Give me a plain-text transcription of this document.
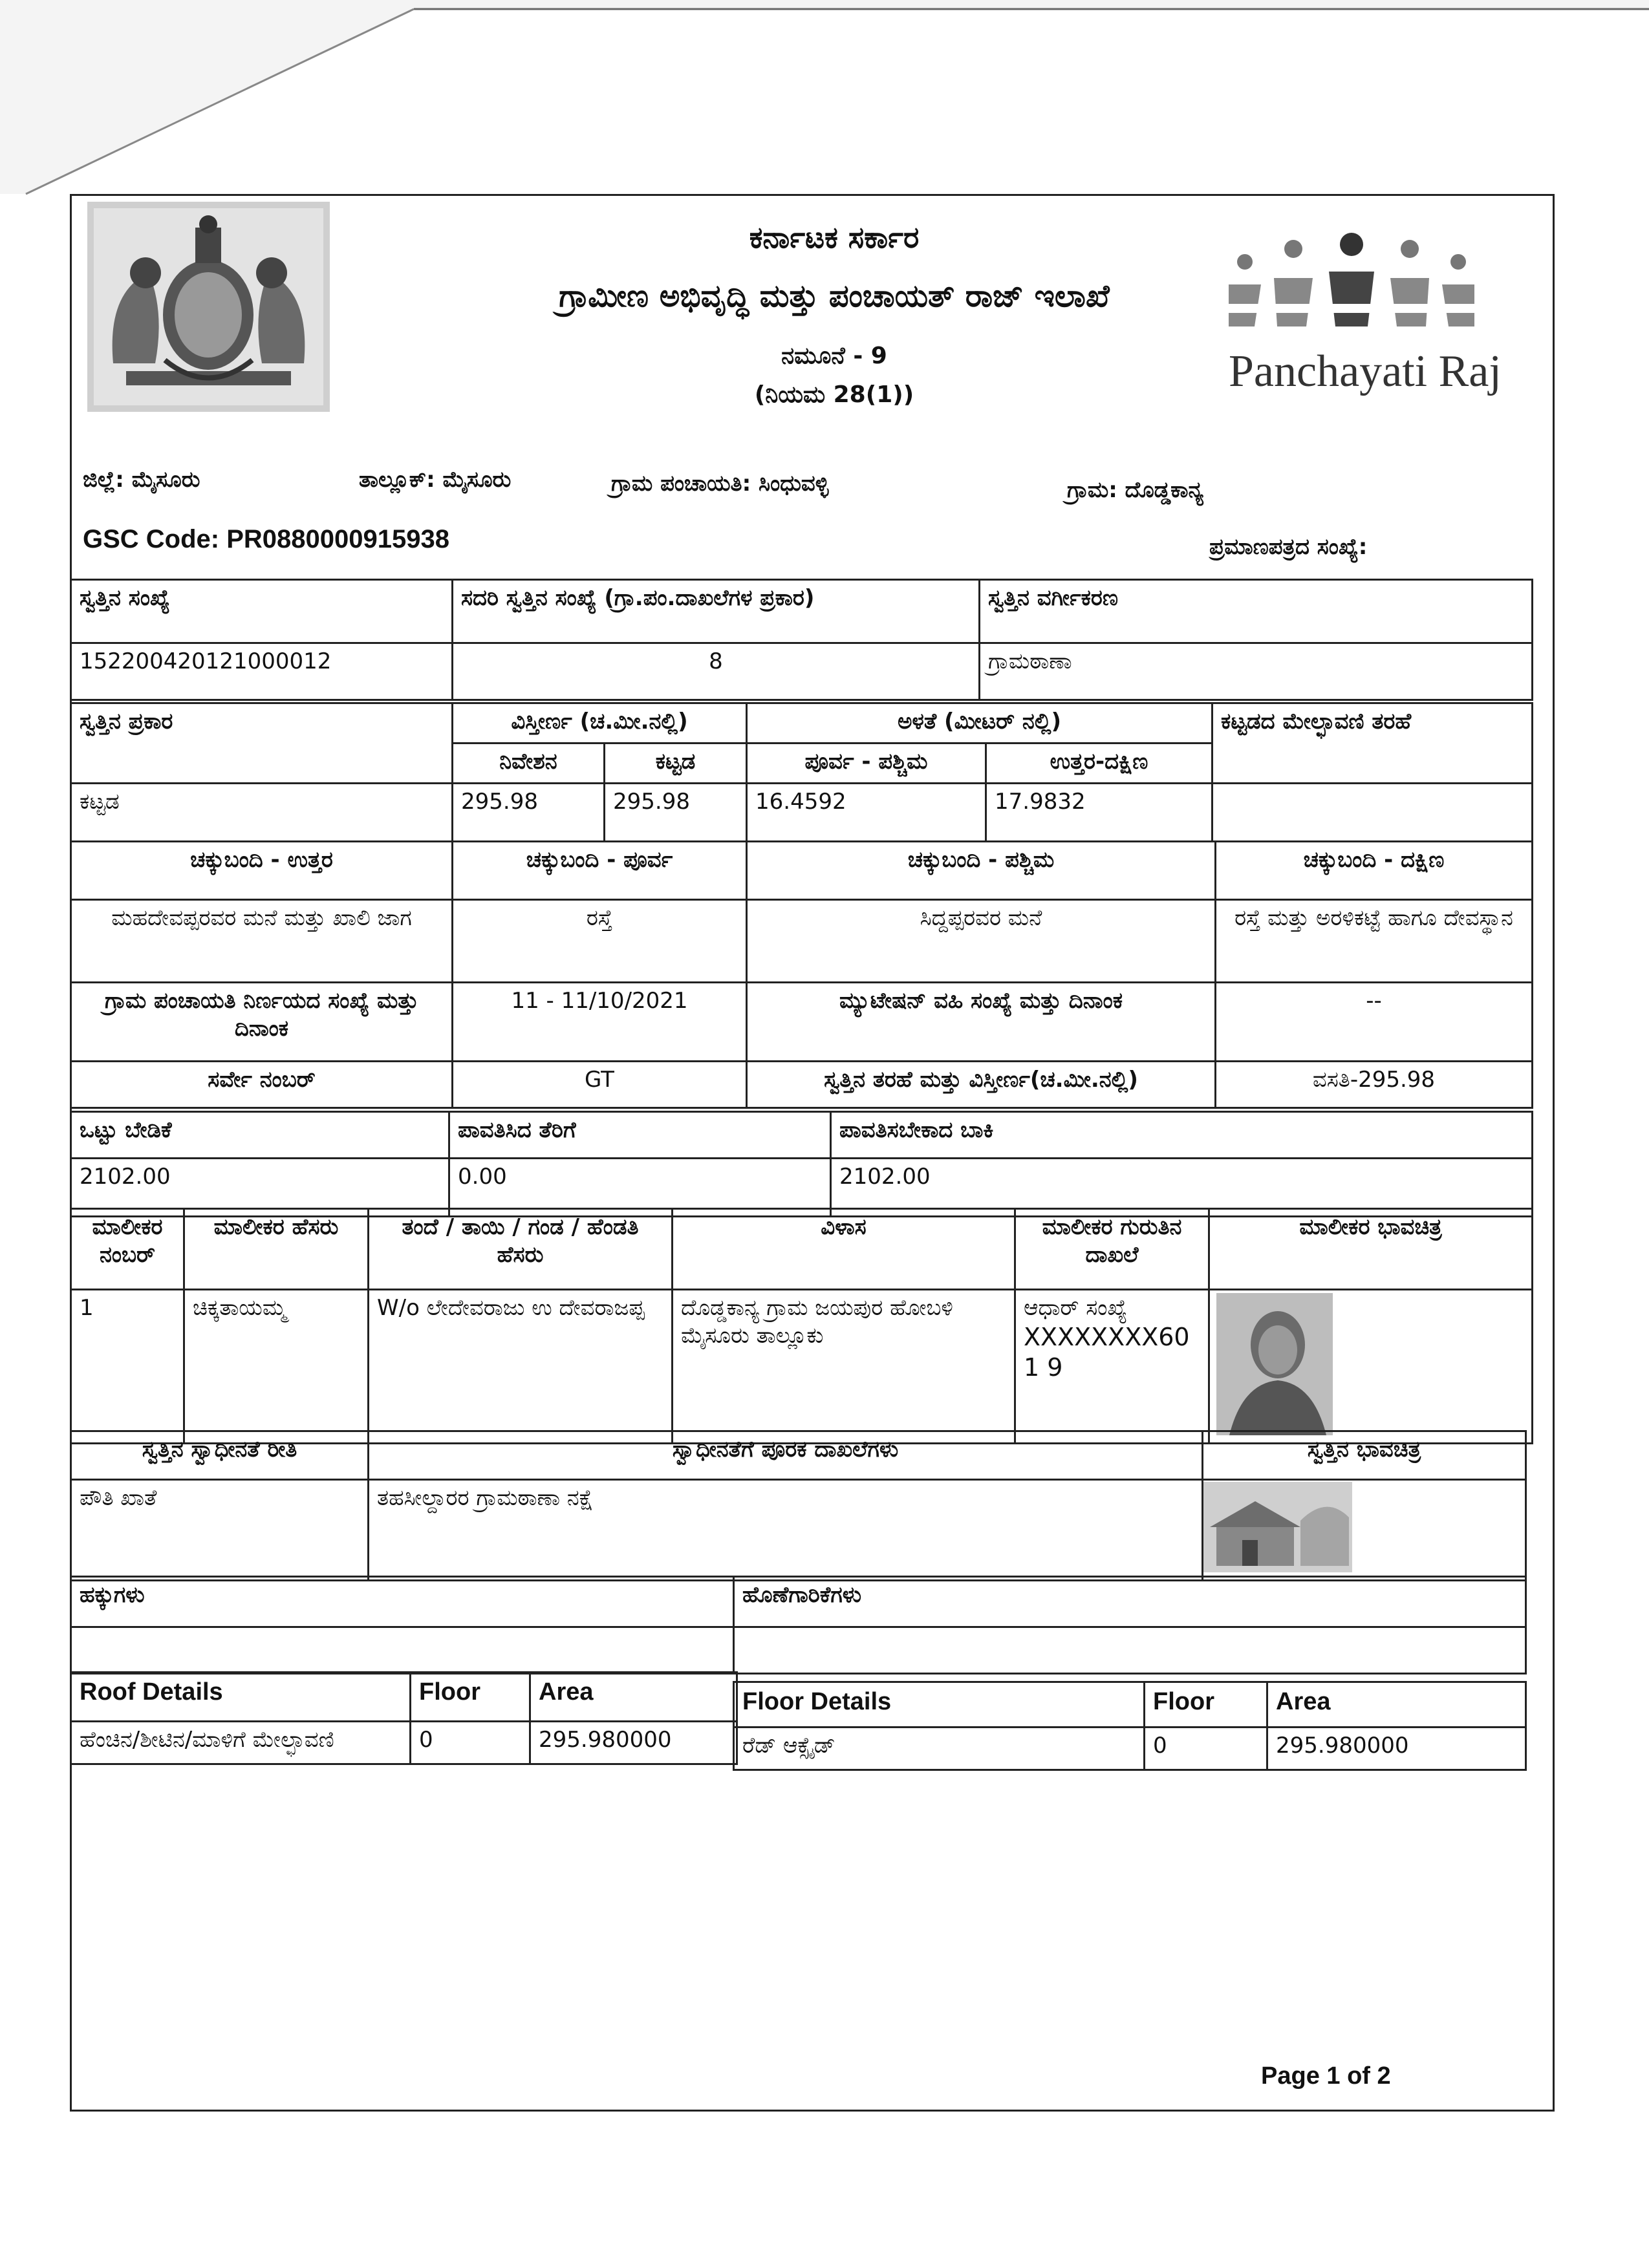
Panchayati Raj
ಕರ್ನಾಟಕ ಸರ್ಕಾರ
ಗ್ರಾಮೀಣ ಅಭಿವೃದ್ಧಿ ಮತ್ತು ಪಂಚಾಯತ್ ರಾಜ್ ಇಲಾಖೆ
ನಮೂನೆ - 9
(ನಿಯಮ 28(1))
ಜಿಲ್ಲೆ: ಮೈಸೂರು	ತಾಲ್ಲೂಕ್: ಮೈಸೂರು	ಗ್ರಾಮ ಪಂಚಾಯತಿ: ಸಿಂಧುವಳ್ಳಿ	ಗ್ರಾಮ: ದೊಡ್ಡಕಾನ್ಯ
GSC Code: PR0880000915938	ಪ್ರಮಾಣಪತ್ರದ ಸಂಖ್ಯೆ:
ಸ್ವತ್ತಿನ ಸಂಖ್ಯೆ	ಸದರಿ ಸ್ವತ್ತಿನ ಸಂಖ್ಯೆ (ಗ್ರಾ.ಪಂ.ದಾಖಲೆಗಳ ಪ್ರಕಾರ)	ಸ್ವತ್ತಿನ ವರ್ಗೀಕರಣ
152200420121000012	8	ಗ್ರಾಮಠಾಣಾ
ಸ್ವತ್ತಿನ ಪ್ರಕಾರ	ವಿಸ್ತೀರ್ಣ (ಚ.ಮೀ.ನಲ್ಲಿ)		ಅಳತೆ (ಮೀಟರ್ ನಲ್ಲಿ)		ಕಟ್ಟಡದ ಮೇಲ್ಛಾವಣಿ ತರಹೆ
	ನಿವೇಶನ	ಕಟ್ಟಡ	ಪೂರ್ವ - ಪಶ್ಚಿಮ	ಉತ್ತರ-ದಕ್ಷಿಣ	
ಕಟ್ಟಡ	295.98	295.98	16.4592	17.9832	
ಚಕ್ಕುಬಂದಿ - ಉತ್ತರ	ಚಕ್ಕುಬಂದಿ - ಪೂರ್ವ	ಚಕ್ಕುಬಂದಿ - ಪಶ್ಚಿಮ	ಚಕ್ಕುಬಂದಿ - ದಕ್ಷಿಣ
ಮಹದೇವಪ್ಪರವರ ಮನೆ ಮತ್ತು ಖಾಲಿ ಜಾಗ	ರಸ್ತೆ	ಸಿದ್ದಪ್ಪರವರ ಮನೆ	ರಸ್ತೆ ಮತ್ತು ಅರಳಿಕಟ್ಟೆ ಹಾಗೂ ದೇವಸ್ಥಾನ
ಗ್ರಾಮ ಪಂಚಾಯತಿ ನಿರ್ಣಯದ ಸಂಖ್ಯೆ ಮತ್ತು ದಿನಾಂಕ	11 - 11/10/2021	ಮ್ಯುಟೇಷನ್ ವಹಿ ಸಂಖ್ಯೆ ಮತ್ತು ದಿನಾಂಕ	--
ಸರ್ವೇ ನಂಬರ್	GT	ಸ್ವತ್ತಿನ ತರಹೆ ಮತ್ತು ವಿಸ್ತೀರ್ಣ(ಚ.ಮೀ.ನಲ್ಲಿ)	ವಸತಿ-295.98
ಒಟ್ಟು ಬೇಡಿಕೆ	ಪಾವತಿಸಿದ ತೆರಿಗೆ	ಪಾವತಿಸಬೇಕಾದ ಬಾಕಿ
2102.00	0.00	2102.00
ಮಾಲೀಕರ ನಂಬರ್	ಮಾಲೀಕರ ಹೆಸರು	ತಂದೆ / ತಾಯಿ / ಗಂಡ / ಹೆಂಡತಿ ಹೆಸರು	ವಿಳಾಸ	ಮಾಲೀಕರ ಗುರುತಿನ ದಾಖಲೆ	ಮಾಲೀಕರ ಭಾವಚಿತ್ರ
1	ಚಿಕ್ಕತಾಯಮ್ಮ	W/o ಲೇದೇವರಾಜು ಉ ದೇವರಾಜಪ್ಪ	ದೊಡ್ಡಕಾನ್ಯ ಗ್ರಾಮ ಜಯಪುರ ಹೋಬಳಿ ಮೈಸೂರು ತಾಲ್ಲೂಕು	ಆಧಾರ್ ಸಂಖ್ಯೆ
XXXXXXXX601 9

ಸ್ವತ್ತಿನ ಸ್ವಾಧೀನತೆ ರೀತಿ	ಸ್ವಾಧೀನತೆಗೆ ಪೂರಕ ದಾಖಲೆಗಳು	ಸ್ವತ್ತಿನ ಭಾವಚಿತ್ರ
ಪೌತಿ ಖಾತೆ	ತಹಸೀಲ್ದಾರರ ಗ್ರಾಮಠಾಣಾ ನಕ್ಷೆ	
ಹಕ್ಕುಗಳು	ಹೊಣೆಗಾರಿಕೆಗಳು

Roof Details	Floor	Area
ಹೆಂಚಿನ/ಶೀಟಿನ/ಮಾಳಿಗೆ ಮೇಲ್ಛಾವಣಿ	0	295.980000
Floor Details	Floor	Area
ರೆಡ್ ಆಕ್ಸೈಡ್	0	295.980000
Page 1 of 2
